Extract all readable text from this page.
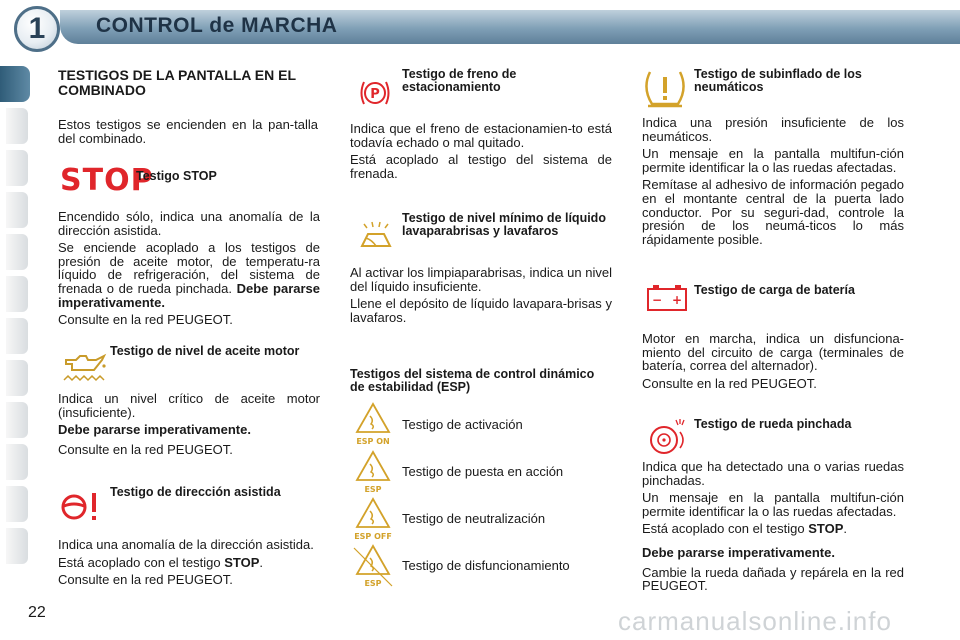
1	CONTROL de MARCHA
TESTIGOS DE LA PANTALLA EN EL COMBINADO

Estos testigos se encienden en la pan-talla del combinado.

STOP
Testigo STOP

Encendido sólo, indica una anomalía de la dirección asistida.

Se enciende acoplado a los testigos de presión de aceite motor, de temperatu-ra líquido de refrigeración, del sistema de frenada o de rueda pinchada. Debe pararse imperativamente.

Consulte en la red PEUGEOT.

Testigo de nivel de aceite motor

Indica un nivel crítico de aceite motor (insuficiente).

Debe pararse imperativamente.

Consulte en la red PEUGEOT.

Testigo de dirección asistida

Indica una anomalía de la dirección asistida.

Está acoplado con el testigo STOP.

Consulte en la red PEUGEOT.

P
Testigo de freno de estacionamiento

Indica que el freno de estacionamien-to está todavía echado o mal quitado.

Está acoplado al testigo del sistema de frenada.

Testigo de nivel mínimo de líquido lavaparabrisas y lavafaros

Al activar los limpiaparabrisas, indica un nivel del líquido insuficiente.

Llene el depósito de líquido lavapara-brisas y lavafaros.

Testigos del sistema de control dinámico de estabilidad (ESP)
ESP ON
Testigo de activación
ESP
Testigo de puesta en acción
ESP OFF
Testigo de neutralización
ESP
Testigo de disfuncionamiento
Testigo de subinflado de los neumáticos

Indica una presión insuficiente de los neumáticos.

Un mensaje en la pantalla multifun-ción permite identificar la o las ruedas afectadas.

Remítase al adhesivo de información pegado en el montante central de la puerta lado conductor. Por su seguri-dad, controle la presión de los neumá-ticos lo más rápidamente posible.

− +
Testigo de carga de batería

Motor en marcha, indica un disfunciona-miento del circuito de carga (terminales de batería, correa del alternador).

Consulte en la red PEUGEOT.

Testigo de rueda pinchada

Indica que ha detectado una o varias ruedas pinchadas.

Un mensaje en la pantalla multifun-ción permite identificar la o las ruedas afectadas.

Está acoplado con el testigo STOP.

Debe pararse imperativamente.

Cambie la rueda dañada y repárela en la red PEUGEOT.

22	carmanualsonline.info
